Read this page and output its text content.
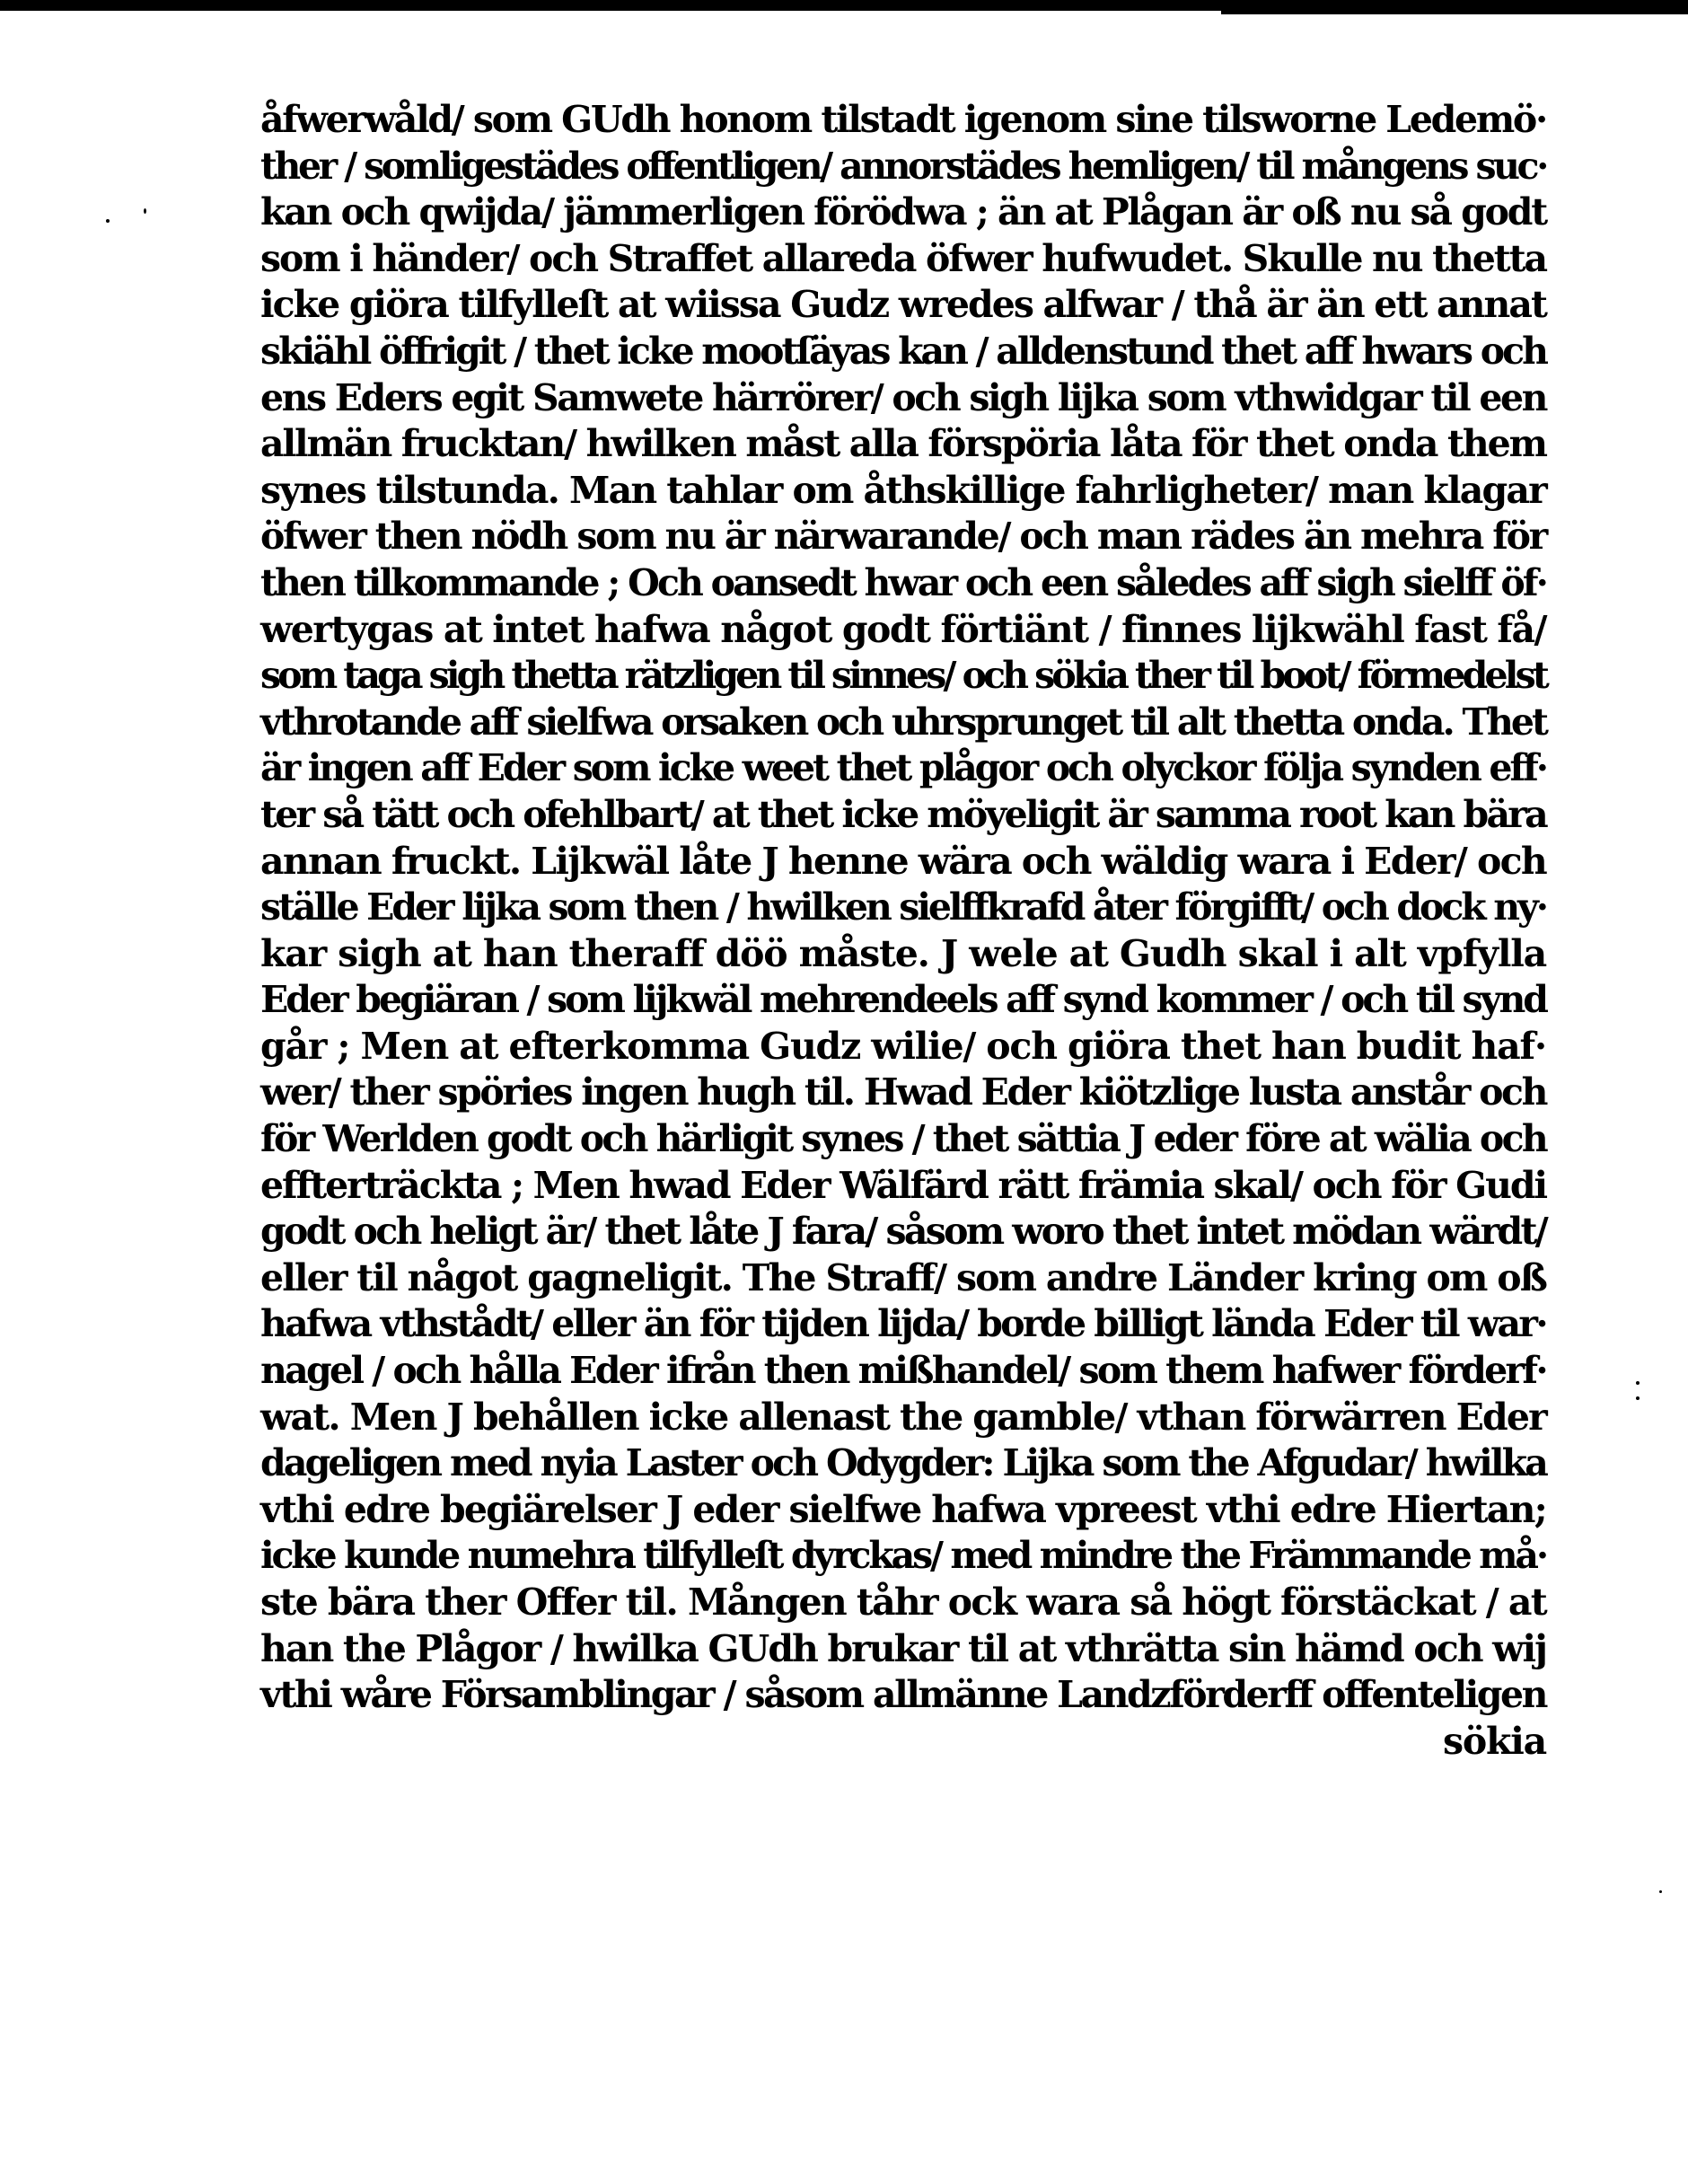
åfwerwåld/ som GUdh honom tilstadt igenom sine tilsworne Ledemö·
ther / somligestädes offentligen/ annorstädes hemligen/ til mångens suc·
kan och qwijda/ jämmerligen förödwa ; än at Plågan är oß nu så godt
som i händer/ och Straffet allareda öfwer hufwudet. Skulle nu thetta
icke giöra tilfylleſt at wiissa Gudz wredes alfwar / thå är än ett annat
skiähl öffrigit / thet icke mootſäyas kan / alldenstund thet aff hwars och
ens Eders egit Samwete härrörer/ och sigh lijka som vthwidgar til een
allmän frucktan/ hwilken måst alla förspöria låta för thet onda them
synes tilstunda. Man tahlar om åthskillige fahrligheter/ man klagar
öfwer then nödh som nu är närwarande/ och man rädes än mehra för
then tilkommande ; Och oansedt hwar och een således aff sigh sielff öf·
wertygas at intet hafwa något godt förtiänt / finnes lijkwähl fast få/
som taga sigh thetta rätzligen til sinnes/ och sökia ther til boot/ förmedelst
vthrotande aff sielfwa orsaken och uhrsprunget til alt thetta onda. Thet
är ingen aff Eder som icke weet thet plågor och olyckor följa synden eff·
ter så tätt och ofehlbart/ at thet icke möyeligit är samma root kan bära
annan fruckt. Lijkwäl låte J henne wära och wäldig wara i Eder/ och
ställe Eder lijka som then / hwilken sielffkrafd åter förgifft/ och dock ny·
kar sigh at han theraff döö måste. J wele at Gudh skal i alt vpfylla
Eder begiäran / som lijkwäl mehrendeels aff synd kommer / och til synd
går ; Men at efterkomma Gudz wilie/ och giöra thet han budit haf·
wer/ ther spöries ingen hugh til. Hwad Eder kiötzlige lusta anstår och
för Werlden godt och härligit synes / thet sättia J eder före at wälia och
effterträckta ; Men hwad Eder Wälfärd rätt främia skal/ och för Gudi
godt och heligt är/ thet låte J fara/ såsom woro thet intet mödan wärdt/
eller til något gagneligit. The Straff/ som andre Länder kring om oß
hafwa vthstådt/ eller än för tijden lijda/ borde billigt lända Eder til war·
nagel / och hålla Eder ifrån then mißhandel/ som them hafwer förderf·
wat. Men J behållen icke allenast the gamble/ vthan förwärren Eder
dageligen med nyia Laster och Odygder: Lijka som the Afgudar/ hwilka
vthi edre begiärelser J eder sielfwe hafwa vpreest vthi edre Hiertan;
icke kunde numehra tilfylleſt dyrckas/ med mindre the Främmande må·
ste bära ther Offer til. Mången tåhr ock wara så högt förstäckat / at
han the Plågor / hwilka GUdh brukar til at vthrätta sin hämd och wij
vthi wåre Församblingar / såsom allmänne Landzförderff offenteligen
sökia
